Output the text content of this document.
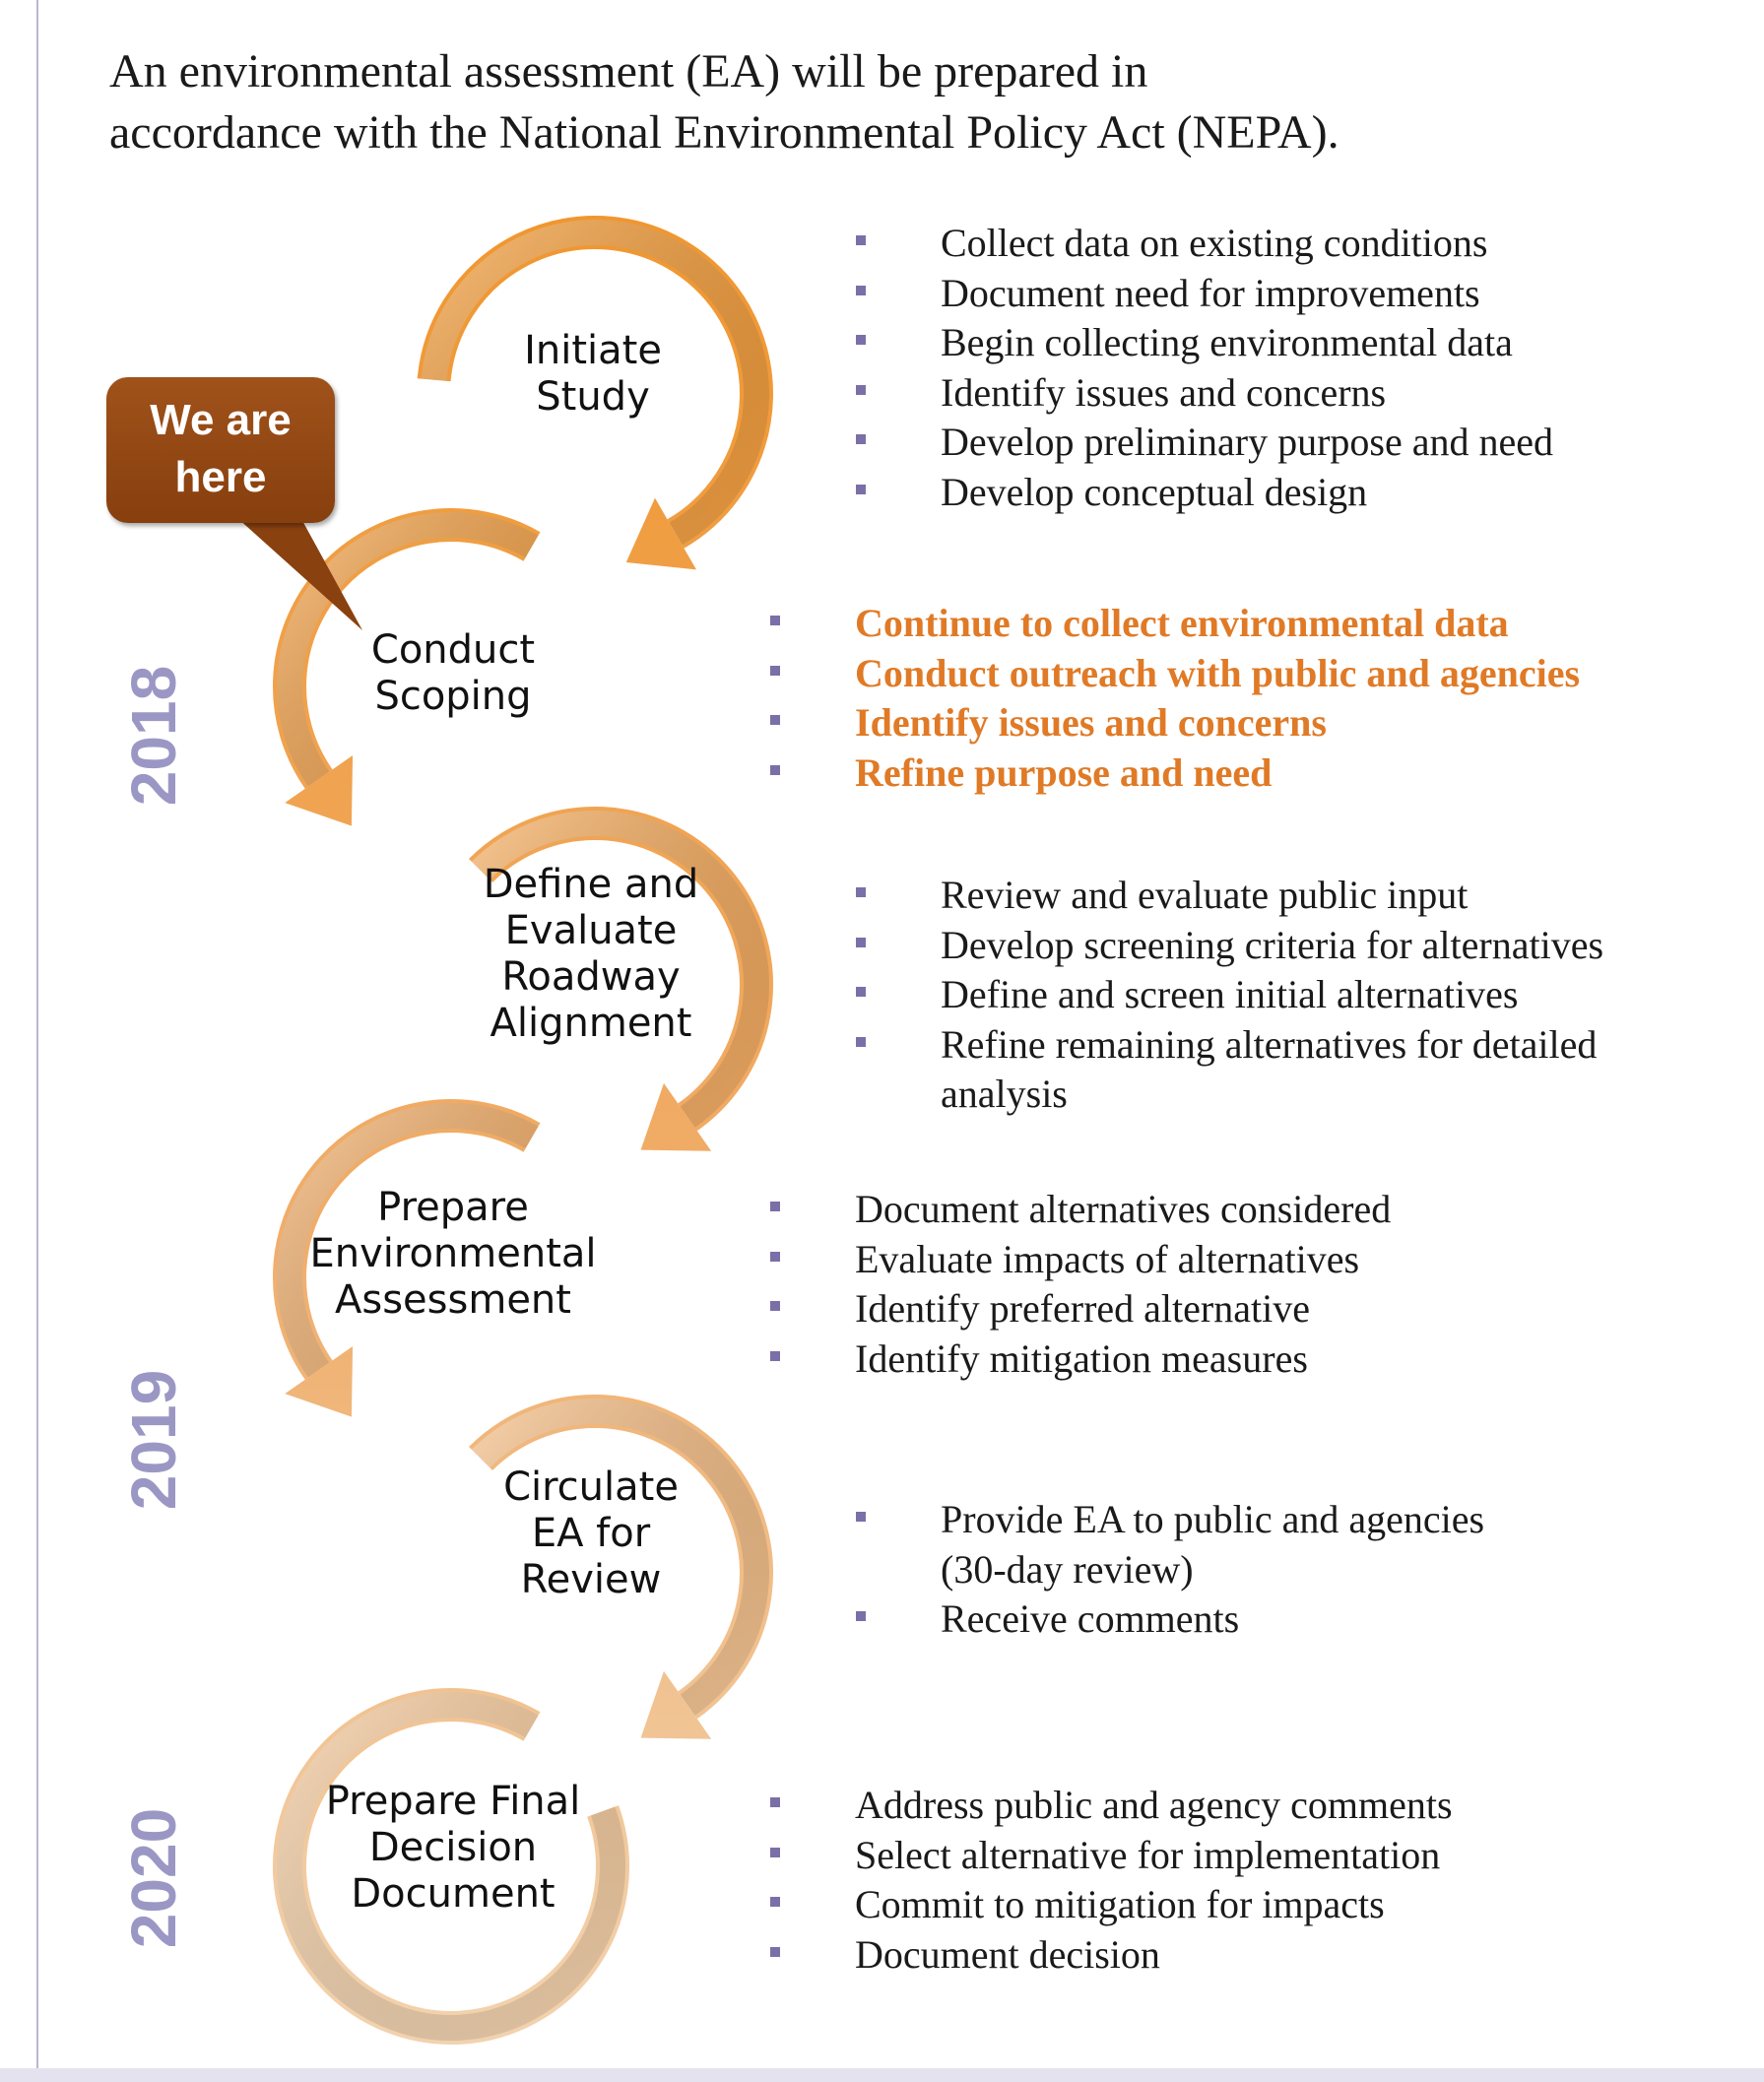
An environmental assessment (EA) will be prepared in
accordance with the National Environmental Policy Act (NEPA).
We are
here
2018
2019
2020
Initiate
Study
Conduct
Scoping
Define and
Evaluate
Roadway
Alignment
Prepare
Environmental
Assessment
Circulate
EA for
Review
Prepare Final
Decision
Document
Collect data on existing conditions
Document need for improvements
Begin collecting environmental data
Identify issues and concerns
Develop preliminary purpose and need
Develop conceptual design
Continue to collect environmental data
Conduct outreach with public and agencies
Identify issues and concerns
Refine purpose and need
Review and evaluate public input
Develop screening criteria for alternatives
Define and screen initial alternatives
Refine remaining alternatives for detailed
analysis
Document alternatives considered
Evaluate impacts of alternatives
Identify preferred alternative
Identify mitigation measures
Provide EA to public and agencies
(30-day review)
Receive comments
Address public and agency comments
Select alternative for implementation
Commit to mitigation for impacts
Document decision
